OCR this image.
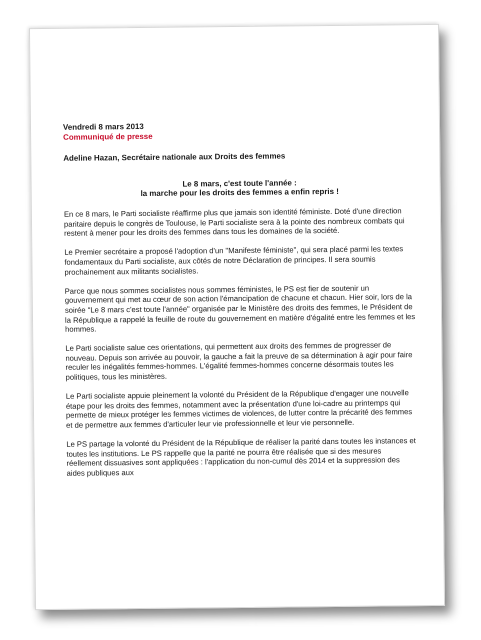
Vendredi 8 mars 2013
Communiqué de presse
Adeline Hazan, Secrétaire nationale aux Droits des femmes
Le 8 mars, c'est toute l'année :
la marche pour les droits des femmes a enfin repris !

En ce 8 mars, le Parti socialiste réaffirme plus que jamais son identité féministe. Doté d'une direction paritaire depuis le congrès de Toulouse, le Parti socialiste sera à la pointe des nombreux combats qui restent à mener pour les droits des femmes dans tous les domaines de la société.

Le Premier secrétaire a proposé l'adoption d'un "Manifeste féministe", qui sera placé parmi les textes fondamentaux du Parti socialiste, aux côtés de notre Déclaration de principes. Il sera soumis prochainement aux militants socialistes.

Parce que nous sommes socialistes nous sommes féministes, le PS est fier de soutenir un gouvernement qui met au cœur de son action l'émancipation de chacune et chacun. Hier soir, lors de la soirée "Le 8 mars c'est toute l'année" organisée par le Ministère des droits des femmes, le Président de la République a rappelé la feuille de route du gouvernement en matière d'égalité entre les femmes et les hommes.

Le Parti socialiste salue ces orientations, qui permettent aux droits des femmes de progresser de nouveau. Depuis son arrivée au pouvoir, la gauche a fait la preuve de sa détermination à agir pour faire reculer les inégalités femmes-hommes. L'égalité femmes-hommes concerne désormais toutes les politiques, tous les ministères.

Le Parti socialiste appuie pleinement la volonté du Président de la République d'engager une nouvelle étape pour les droits des femmes, notamment avec la présentation d'une loi-cadre au printemps qui permette de mieux protéger les femmes victimes de violences, de lutter contre la précarité des femmes et de permettre aux femmes d'articuler leur vie professionnelle et leur vie personnelle.

Le PS partage la volonté du Président de la République de réaliser la parité dans toutes les instances et toutes les institutions. Le PS rappelle que la parité ne pourra être réalisée que si des mesures réellement dissuasives sont appliquées : l'application du non-cumul dès 2014 et la suppression des aides publiques aux
